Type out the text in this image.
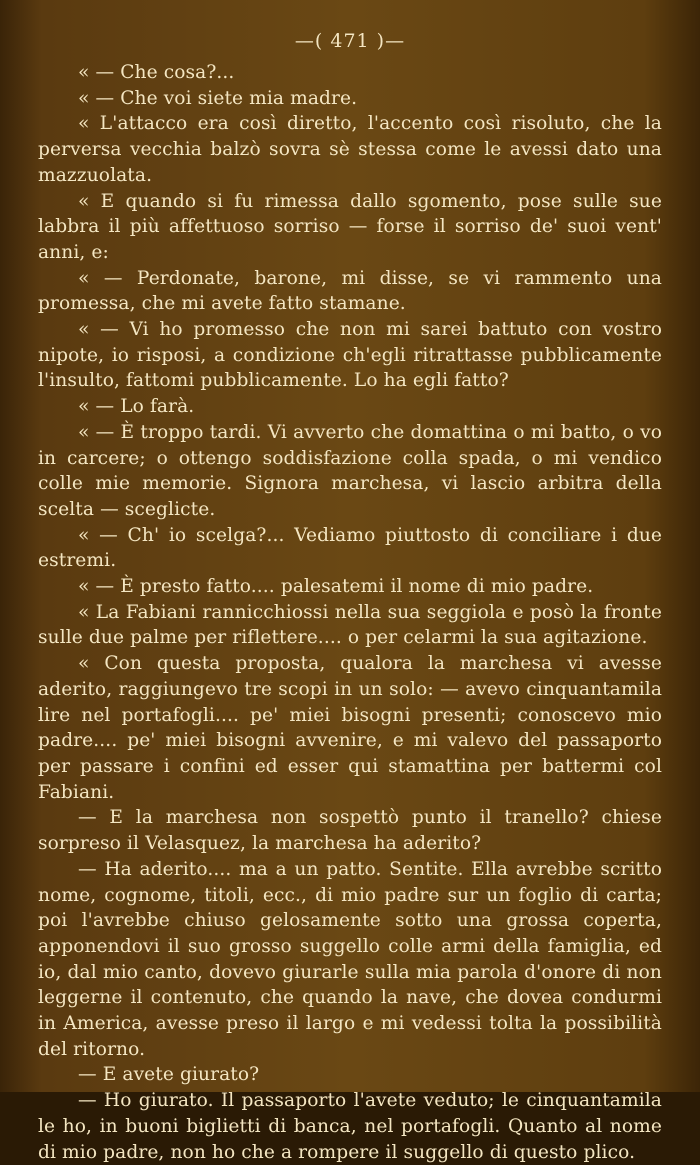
—( 471 )—

« — Che cosa?...

« — Che voi siete mia madre.

« L'attacco era così diretto, l'accento così risoluto, che la perversa vecchia balzò sovra sè stessa come le avessi dato una mazzuolata.

« E quando si fu rimessa dallo sgomento, pose sulle sue labbra il più affettuoso sorriso — forse il sorriso de' suoi vent' anni, e:

« — Perdonate, barone, mi disse, se vi rammento una promessa, che mi avete fatto stamane.

« — Vi ho promesso che non mi sarei battuto con vostro nipote, io risposi, a condizione ch'egli ritrattasse pubblicamente l'insulto, fattomi pubblicamente. Lo ha egli fatto?

« — Lo farà.

« — È troppo tardi. Vi avverto che domattina o mi batto, o vo in carcere; o ottengo soddisfazione colla spada, o mi vendico colle mie memorie. Signora marchesa, vi lascio arbitra della scelta — sceglicte.

« — Ch' io scelga?... Vediamo piuttosto di conciliare i due estremi.

« — È presto fatto.... palesatemi il nome di mio padre.

« La Fabiani rannicchiossi nella sua seggiola e posò la fronte sulle due palme per riflettere.... o per celarmi la sua agitazione.

« Con questa proposta, qualora la marchesa vi avesse aderito, raggiungevo tre scopi in un solo: — avevo cinquantamila lire nel portafogli.... pe' miei bisogni presenti; conoscevo mio padre.... pe' miei bisogni avvenire, e mi valevo del passaporto per passare i confini ed esser qui stamattina per battermi col Fabiani.

— E la marchesa non sospettò punto il tranello? chiese sorpreso il Velasquez, la marchesa ha aderito?

— Ha aderito.... ma a un patto. Sentite. Ella avrebbe scritto nome, cognome, titoli, ecc., di mio padre sur un foglio di carta; poi l'avrebbe chiuso gelosamente sotto una grossa coperta, apponendovi il suo grosso suggello colle armi della famiglia, ed io, dal mio canto, dovevo giurarle sulla mia parola d'onore di non leggerne il contenuto, che quando la nave, che dovea condurmi in America, avesse preso il largo e mi vedessi tolta la possibilità del ritorno.

— E avete giurato?

— Ho giurato. Il passaporto l'avete veduto; le cinquantamila le ho, in buoni biglietti di banca, nel portafogli. Quanto al nome di mio padre, non ho che a rompere il suggello di questo plico.
